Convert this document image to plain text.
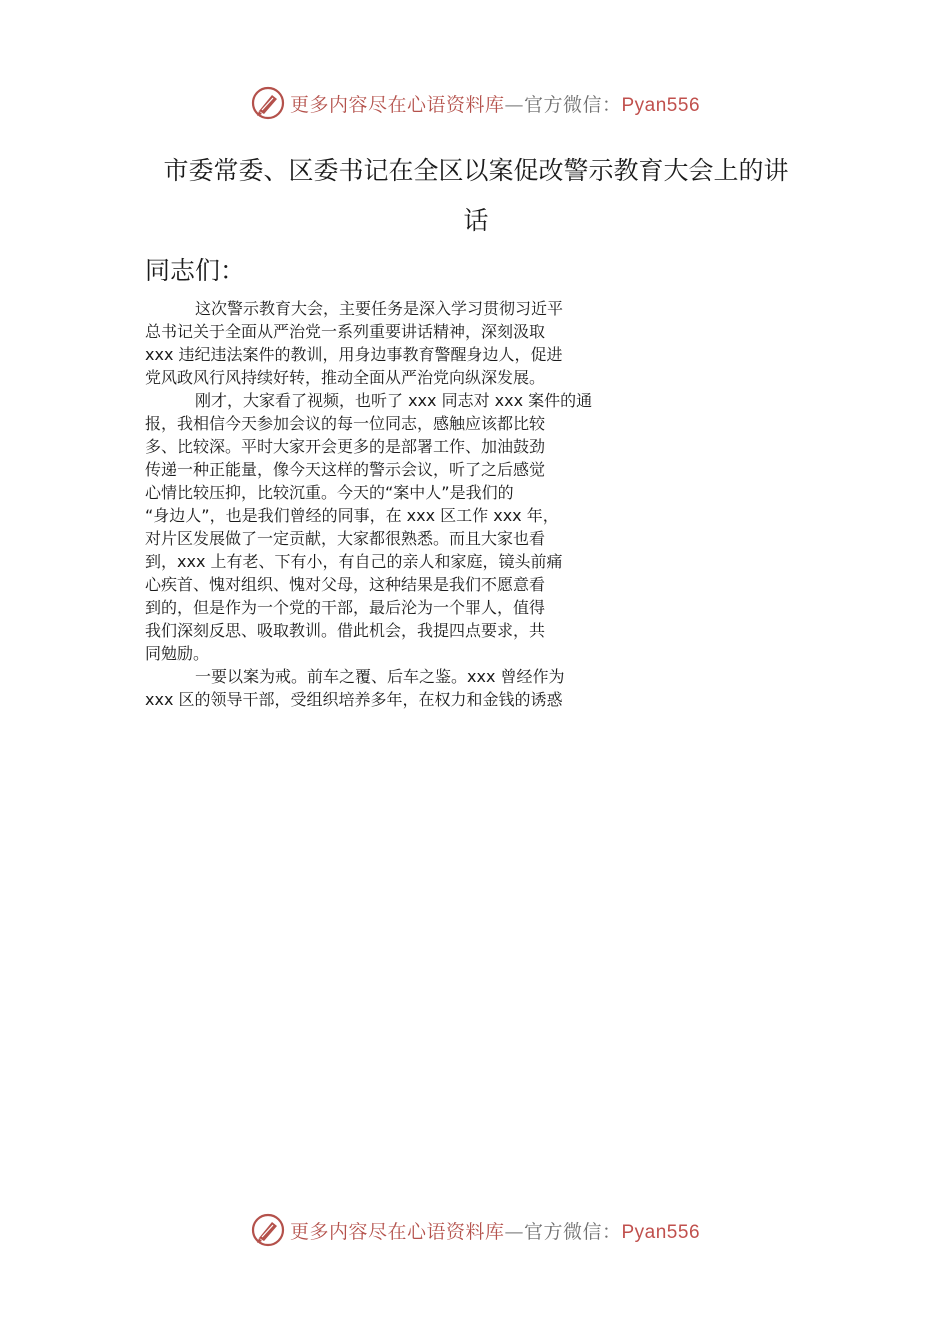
更多内容尽在心语资料库—官方微信：Pyan556
市委常委、区委书记在全区以案促改警示教育大会上的讲

话

同志们：

这次警示教育大会，主要任务是深入学习贯彻习近平
总书记关于全面从严治党一系列重要讲话精神，深刻汲取
xxx 违纪违法案件的教训，用身边事教育警醒身边人，促进
党风政风行风持续好转，推动全面从严治党向纵深发展。
刚才，大家看了视频，也听了 xxx 同志对 xxx 案件的通
报，我相信今天参加会议的每一位同志，感触应该都比较
多、比较深。平时大家开会更多的是部署工作、加油鼓劲
传递一种正能量，像今天这样的警示会议，听了之后感觉
心情比较压抑，比较沉重。今天的“案中人”是我们的
“身边人”，也是我们曾经的同事，在 xxx 区工作 xxx 年，
对片区发展做了一定贡献，大家都很熟悉。而且大家也看
到，xxx 上有老、下有小，有自己的亲人和家庭，镜头前痛
心疾首、愧对组织、愧对父母，这种结果是我们不愿意看
到的，但是作为一个党的干部，最后沦为一个罪人，值得
我们深刻反思、吸取教训。借此机会，我提四点要求，共
同勉励。
一要以案为戒。前车之覆、后车之鉴。xxx 曾经作为
xxx 区的领导干部，受组织培养多年，在权力和金钱的诱惑
更多内容尽在心语资料库—官方微信：Pyan556
